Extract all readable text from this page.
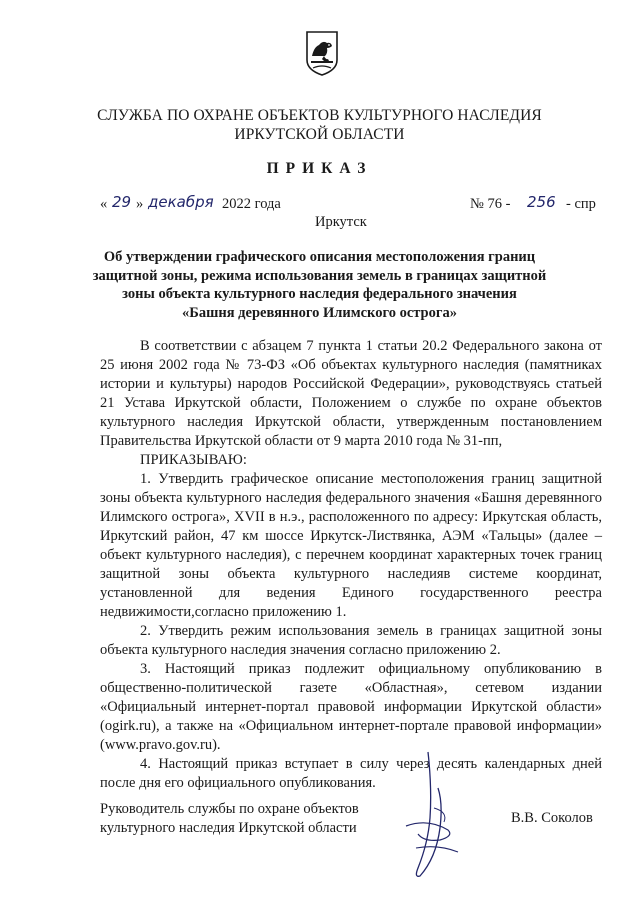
СЛУЖБА ПО ОХРАНЕ ОБЪЕКТОВ КУЛЬТУРНОГО НАСЛЕДИЯ
ИРКУТСКОЙ ОБЛАСТИ
ПРИКАЗ
« 29 » декабря 2022 года
Иркутск
№ 76 - 256 - спр
Об утверждении графического описания местоположения границ
защитной зоны, режима использования земель в границах защитной
зоны объекта культурного наследия федерального значения
«Башня деревянного Илимского острога»

В соответствии с абзацем 7 пункта 1 статьи 20.2 Федерального закона от 25 июня 2002 года № 73-ФЗ «Об объектах культурного наследия (памятниках истории и культуры) народов Российской Федерации», руководствуясь статьей 21 Устава Иркутской области, Положением о службе по охране объектов культурного наследия Иркутской области, утвержденным постановлением Правительства Иркутской области от 9 марта 2010 года № 31-пп,

ПРИКАЗЫВАЮ:

1. Утвердить графическое описание местоположения границ защитной зоны объекта культурного наследия федерального значения «Башня деревянного Илимского острога», XVII в н.э., расположенного по адресу: Иркутская область, Иркутский район, 47 км шоссе Иркутск-Листвянка, АЭМ «Тальцы» (далее – объект культурного наследия), с перечнем координат характерных точек границ защитной зоны объекта культурного наследияв системе координат, установленной для ведения Единого государственного реестра недвижимости,согласно приложению 1.

2. Утвердить режим использования земель в границах защитной зоны объекта культурного наследия значения согласно приложению 2.

3. Настоящий приказ подлежит официальному опубликованию в общественно-политической газете «Областная», сетевом издании «Официальный интернет-портал правовой информации Иркутской области» (ogirk.ru), а также на «Официальном интернет-портале правовой информации» (www.pravo.gov.ru).

4. Настоящий приказ вступает в силу через десять календарных дней после дня его официального опубликования.

Руководитель службы по охране объектов
культурного наследия Иркутской области
В.В. Соколов
